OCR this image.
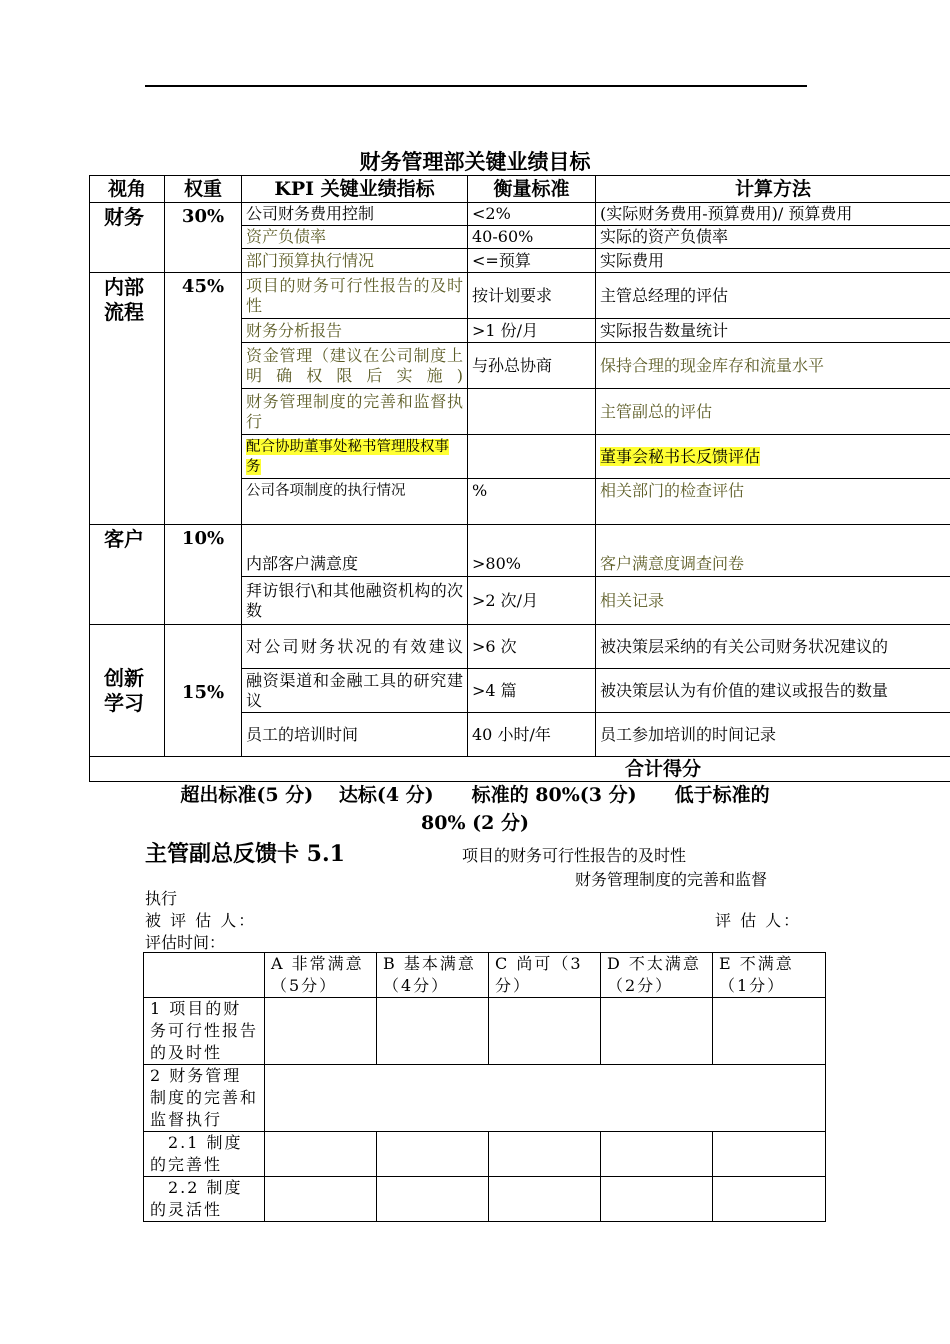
财务管理部关键业绩目标
视角	权重	KPI 关键业绩指标	衡量标准	计算方法
财务	30%	公司财务费用控制	<2%	(实际财务费用-预算费用)/ 预算费用
		资产负债率	40-60%	实际的资产负债率
		部门预算执行情况	<=预算	实际费用
内部流程	45%	项目的财务可行性报告的及时性	按计划要求	主管总经理的评估
		财务分析报告	>1 份/月	实际报告数量统计
		资金管理（建议在公司制度上明确权限后实施)	与孙总协商	保持合理的现金库存和流量水平
		财务管理制度的完善和监督执行		主管副总的评估
		配合协助董事处秘书管理股权事务		董事会秘书长反馈评估
		公司各项制度的执行情况	%	相关部门的检查评估
客户	10%	内部客户满意度	>80%	客户满意度调查问卷
		拜访银行\和其他融资机构的次数	>2 次/月	相关记录
创新学习	15%	对公司财务状况的有效建议	>6 次	被决策层采纳的有关公司财务状况建议的
		融资渠道和金融工具的研究建议	>4 篇	被决策层认为有价值的建议或报告的数量
		员工的培训时间	40 小时/年	员工参加培训的时间记录
合计得分				
超出标准(5 分)　 达标(4 分)　　标准的 80%(3 分)　　低于标准的
80% (2 分)
主管副总反馈卡 5.1	项目的财务可行性报告的及时性
财务管理制度的完善和监督
执行
被 评 估 人：	评 估 人：
评估时间：
	A 非常满意（5分）	B 基本满意（4分）	C 尚可（3分）	D 不太满意（2分）	E 不满意（1分）
1 项目的财务可行性报告的及时性					
2 财务管理制度的完善和监督执行					
2.1 制度的完善性					
2.2 制度的灵活性					
